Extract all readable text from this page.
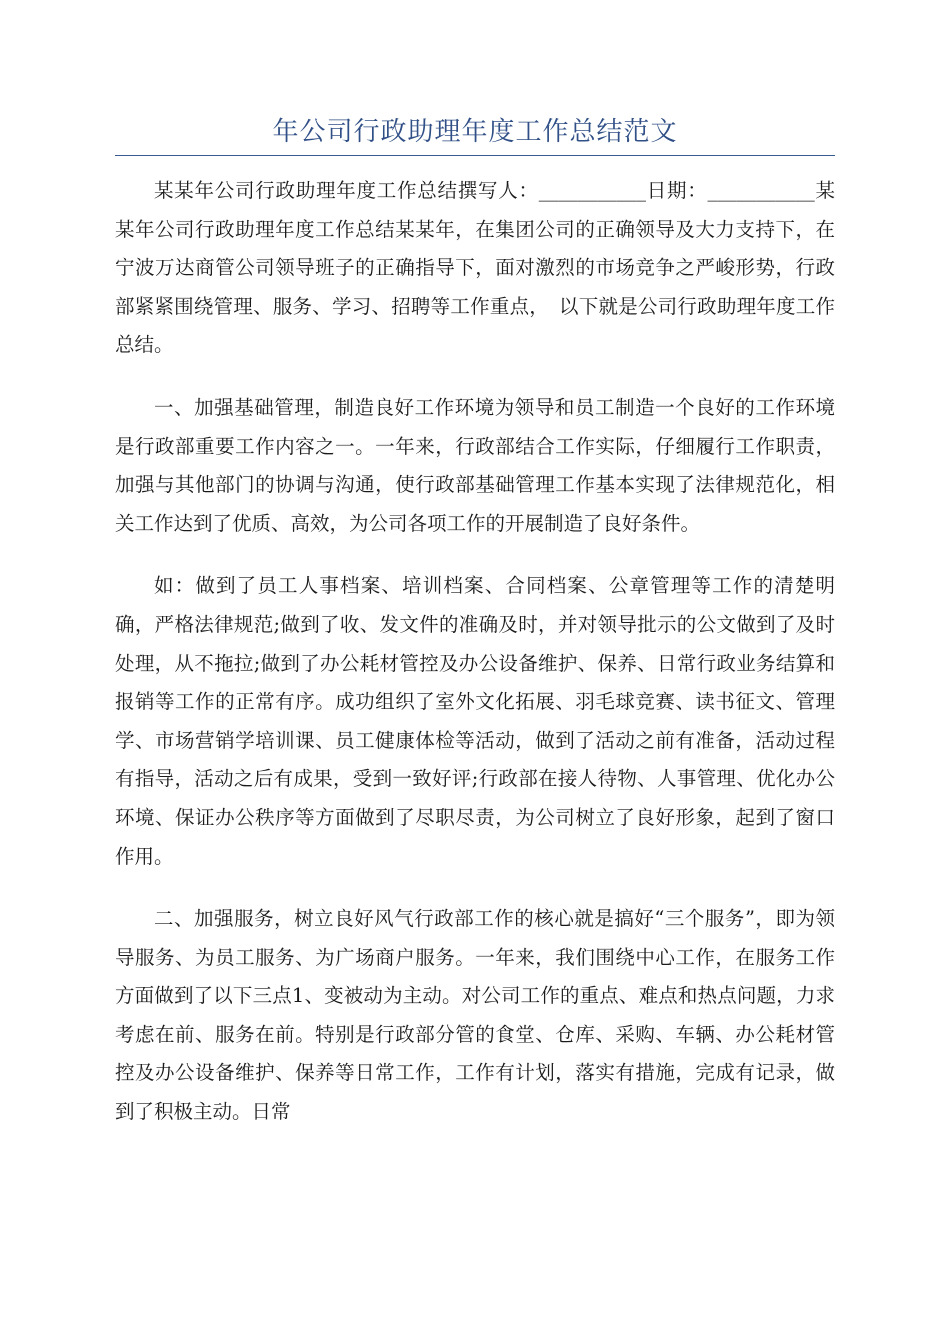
年公司行政助理年度工作总结范文

某某年公司行政助理年度工作总结撰写人：___________日期：___________某某年公司行政助理年度工作总结某某年，在集团公司的正确领导及大力支持下，在宁波万达商管公司领导班子的正确指导下，面对激烈的市场竞争之严峻形势，行政部紧紧围绕管理、服务、学习、招聘等工作重点，　以下就是公司行政助理年度工作总结。

一、加强基础管理，制造良好工作环境为领导和员工制造一个良好的工作环境是行政部重要工作内容之一。一年来，行政部结合工作实际，仔细履行工作职责，加强与其他部门的协调与沟通，使行政部基础管理工作基本实现了法律规范化，相关工作达到了优质、高效，为公司各项工作的开展制造了良好条件。

如：做到了员工人事档案、培训档案、合同档案、公章管理等工作的清楚明确，严格法律规范;做到了收、发文件的准确及时，并对领导批示的公文做到了及时处理，从不拖拉;做到了办公耗材管控及办公设备维护、保养、日常行政业务结算和报销等工作的正常有序。成功组织了室外文化拓展、羽毛球竞赛、读书征文、管理学、市场营销学培训课、员工健康体检等活动，做到了活动之前有准备，活动过程有指导，活动之后有成果，受到一致好评;行政部在接人待物、人事管理、优化办公环境、保证办公秩序等方面做到了尽职尽责，为公司树立了良好形象，起到了窗口作用。

二、加强服务，树立良好风气行政部工作的核心就是搞好“三个服务”，即为领导服务、为员工服务、为广场商户服务。一年来，我们围绕中心工作，在服务工作方面做到了以下三点1、变被动为主动。对公司工作的重点、难点和热点问题，力求考虑在前、服务在前。特别是行政部分管的食堂、仓库、采购、车辆、办公耗材管控及办公设备维护、保养等日常工作，工作有计划，落实有措施，完成有记录，做到了积极主动。日常
